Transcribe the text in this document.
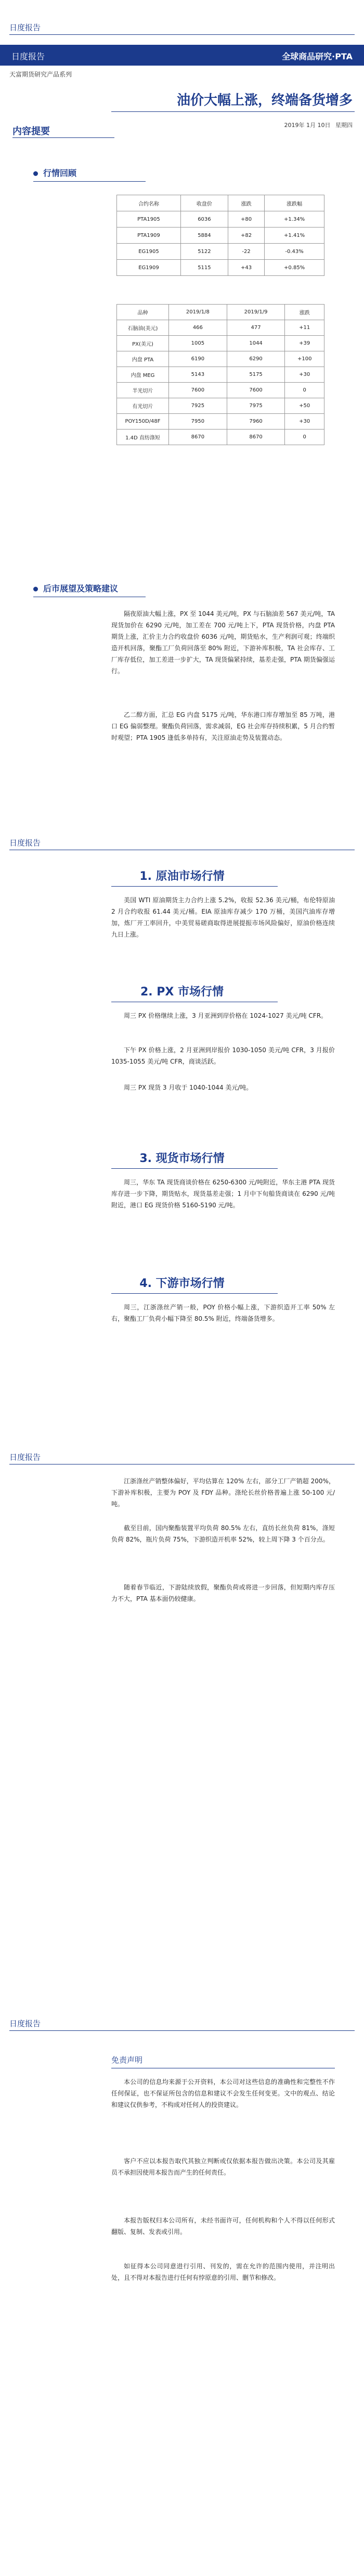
日度报告
日度报告	全球商品研究·PTA
天富期货研究产品系列
油价大幅上涨，终端备货增多
2019年 1月 10日 星期四
内容提要
行情回顾
合约名称	收盘价	涨跌	涨跌幅
PTA1905	6036	+80	+1.34%
PTA1909	5884	+82	+1.41%
EG1905	5122	-22	-0.43%
EG1909	5115	+43	+0.85%
品种	2019/1/8	2019/1/9	涨跌
石脑油(美元)	466	477	+11
PX(美元)	1005	1044	+39
内盘 PTA	6190	6290	+100
内盘 MEG	5143	5175	+30
半光切片	7600	7600	0
有光切片	7925	7975	+50
POY150D/48F	7950	7960	+30
1.4D 直纺涤短	8670	8670	0
后市展望及策略建议
隔夜原油大幅上涨，PX 至 1044 美元/吨，PX 与石脑油差 567 美元/吨，TA 现货加价在 6290 元/吨，加工差在 700 元/吨上下，PTA 现货价格，内盘 PTA 期货上涨，汇价主力合约收盘价 6036 元/吨，期货贴水，生产利润可观；终端织造开机回落，聚酯工厂负荷回落至 80% 附近，下游补库积极，TA 社会库存、工厂库存低位，加工差进一步扩大，TA 现货偏紧持续，基差走强，PTA 期货偏强运行。
乙二醇方面，汇总 EG 内盘 5175 元/吨，华东港口库存增加至 85 万吨，港口 EG 偏弱整理。聚酯负荷回落，需求减弱，EG 社会库存持续积累，5 月合约暂时观望；PTA 1905 逢低多单持有，关注原油走势及装置动态。
日度报告
1. 原油市场行情
美国 WTI 原油期货主力合约上涨 5.2%，收报 52.36 美元/桶，布伦特原油 2 月合约收报 61.44 美元/桶。EIA 原油库存减少 170 万桶，美国汽油库存增加，炼厂开工率回升，中美贸易磋商取得进展提振市场风险偏好，原油价格连续九日上涨。
2. PX 市场行情
周三 PX 价格继续上涨，3 月亚洲到岸价格在 1024-1027 美元/吨 CFR。
下午 PX 价格上涨，2 月亚洲到岸报价 1030-1050 美元/吨 CFR，3 月报价 1035-1055 美元/吨 CFR，商谈活跃。
周三 PX 现货 3 月收于 1040-1044 美元/吨。
3. 现货市场行情
周三，华东 TA 现货商谈价格在 6250-6300 元/吨附近，华东主港 PTA 现货库存进一步下降，期货贴水，现货基差走强；1 月中下旬船货商谈在 6290 元/吨附近，港口 EG 现货价格 5160-5190 元/吨。
4. 下游市场行情
周三，江浙涤丝产销一般，POY 价格小幅上涨，下游织造开工率 50% 左右，聚酯工厂负荷小幅下降至 80.5% 附近，终端备货增多。
日度报告
江浙涤丝产销整体偏好，平均估算在 120% 左右，部分工厂产销超 200%，下游补库积极，主要为 POY 及 FDY 品种。涤纶长丝价格普遍上涨 50-100 元/吨。
截至目前，国内聚酯装置平均负荷 80.5% 左右，直纺长丝负荷 81%，涤短负荷 82%，瓶片负荷 75%，下游织造开机率 52%，较上周下降 3 个百分点。
随着春节临近，下游陆续放假，聚酯负荷或将进一步回落，但短期内库存压力不大，PTA 基本面仍较健康。
日度报告
免责声明
本公司的信息均来源于公开资料，本公司对这些信息的准确性和完整性不作任何保证，也不保证所包含的信息和建议不会发生任何变更。文中的观点、结论和建议仅供参考，不构成对任何人的投资建议。
客户不应以本报告取代其独立判断或仅依据本报告做出决策。本公司及其雇员不承担因使用本报告而产生的任何责任。
本报告版权归本公司所有，未经书面许可，任何机构和个人不得以任何形式翻版、复制、发表或引用。
如征得本公司同意进行引用、刊发的，需在允许的范围内使用，并注明出处，且不得对本报告进行任何有悖原意的引用、删节和修改。
